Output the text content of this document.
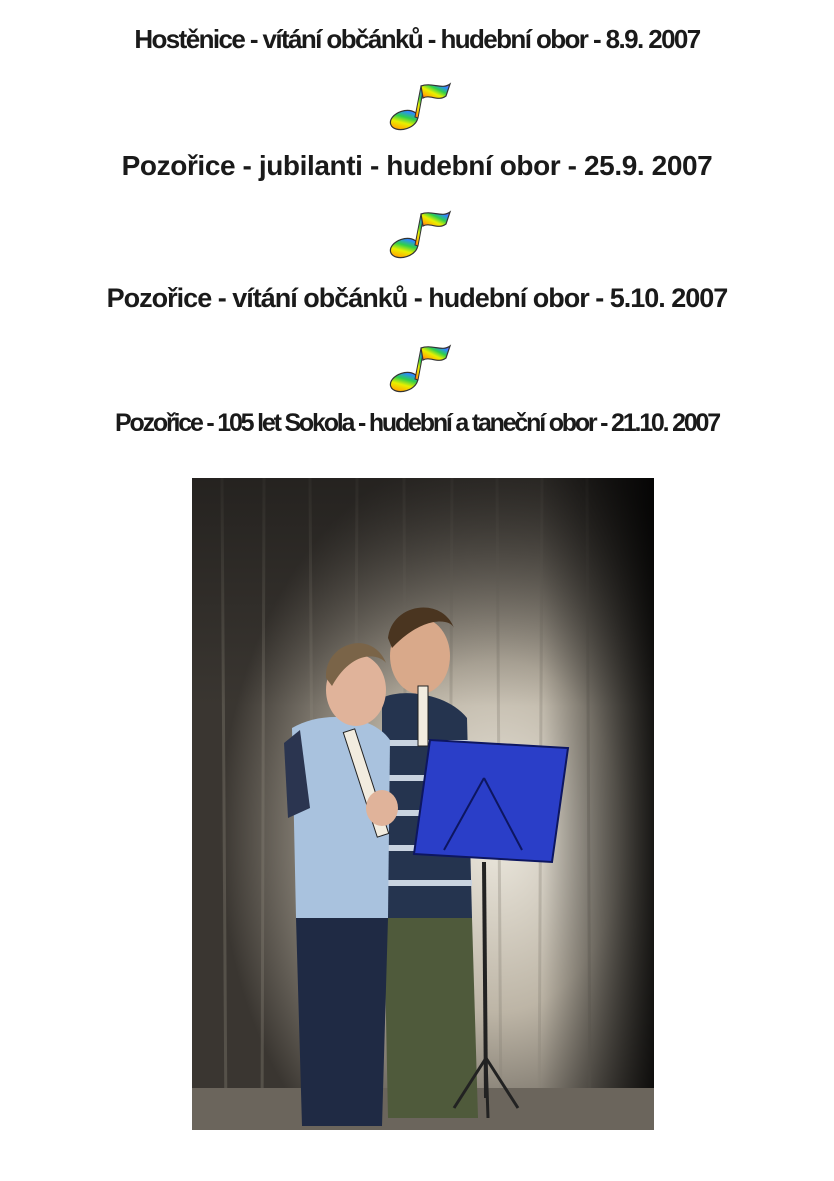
Hostěnice - vítání občánků - hudební obor - 8.9. 2007
Pozořice - jubilanti - hudební obor - 25.9. 2007
Pozořice - vítání občánků - hudební obor - 5.10. 2007
Pozořice - 105 let Sokola - hudební a taneční obor - 21.10. 2007
